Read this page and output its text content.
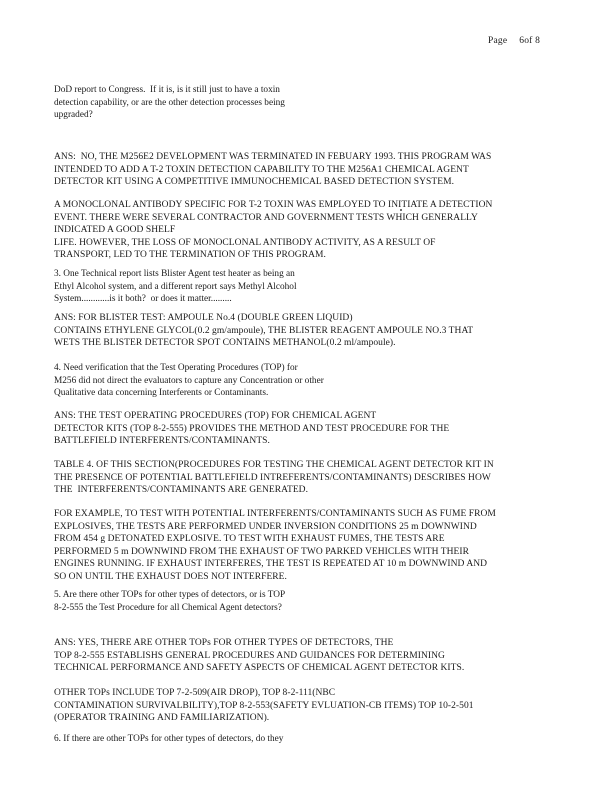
Page 6of 8
DoD report to Congress.  If it is, is it still just to have a toxin
detection capability, or are the other detection processes being
upgraded?
ANS:  NO, THE M256E2 DEVELOPMENT WAS TERMINATED IN FEBUARY 1993. THIS PROGRAM WAS
INTENDED TO ADD A T-2 TOXIN DETECTION CAPABILITY TO THE M256A1 CHEMICAL AGENT
DETECTOR KIT USING A COMPETITIVE IMMUNOCHEMICAL BASED DETECTION SYSTEM.
A MONOCLONAL ANTIBODY SPECIFIC FOR T-2 TOXIN WAS EMPLOYED TO INITIATE A DETECTION
EVENT. THERE WERE SEVERAL CONTRACTOR AND GOVERNMENT TESTS WHICH GENERALLY
INDICATED A GOOD SHELF
LIFE. HOWEVER, THE LOSS OF MONOCLONAL ANTIBODY ACTIVITY, AS A RESULT OF
TRANSPORT, LED TO THE TERMINATION OF THIS PROGRAM.
3. One Technical report lists Blister Agent test heater as being an
Ethyl Alcohol system, and a different report says Methyl Alcohol
System............is it both?  or does it matter.........
ANS: FOR BLISTER TEST: AMPOULE No.4 (DOUBLE GREEN LIQUID)
CONTAINS ETHYLENE GLYCOL(0.2 gm/ampoule), THE BLISTER REAGENT AMPOULE NO.3 THAT
WETS THE BLISTER DETECTOR SPOT CONTAINS METHANOL(0.2 ml/ampoule).
4. Need verification that the Test Operating Procedures (TOP) for
M256 did not direct the evaluators to capture any Concentration or other
Qualitative data concerning Interferents or Contaminants.
ANS: THE TEST OPERATING PROCEDURES (TOP) FOR CHEMICAL AGENT
DETECTOR KITS (TOP 8-2-555) PROVIDES THE METHOD AND TEST PROCEDURE FOR THE
BATTLEFIELD INTERFERENTS/CONTAMINANTS.
TABLE 4. OF THIS SECTION(PROCEDURES FOR TESTING THE CHEMICAL AGENT DETECTOR KIT IN
THE PRESENCE OF POTENTIAL BATTLEFIELD INTREFERENTS/CONTAMINANTS) DESCRIBES HOW
THE  INTERFERENTS/CONTAMINANTS ARE GENERATED.
FOR EXAMPLE, TO TEST WITH POTENTIAL INTERFERENTS/CONTAMINANTS SUCH AS FUME FROM
EXPLOSIVES, THE TESTS ARE PERFORMED UNDER INVERSION CONDITIONS 25 m DOWNWIND
FROM 454 g DETONATED EXPLOSIVE. TO TEST WITH EXHAUST FUMES, THE TESTS ARE
PERFORMED 5 m DOWNWIND FROM THE EXHAUST OF TWO PARKED VEHICLES WITH THEIR
ENGINES RUNNING. IF EXHAUST INTERFERES, THE TEST IS REPEATED AT 10 m DOWNWIND AND
SO ON UNTIL THE EXHAUST DOES NOT INTERFERE.
5. Are there other TOPs for other types of detectors, or is TOP
8-2-555 the Test Procedure for all Chemical Agent detectors?
ANS: YES, THERE ARE OTHER TOPs FOR OTHER TYPES OF DETECTORS, THE
TOP 8-2-555 ESTABLISHS GENERAL PROCEDURES AND GUIDANCES FOR DETERMINING
TECHNICAL PERFORMANCE AND SAFETY ASPECTS OF CHEMICAL AGENT DETECTOR KITS.
OTHER TOPs INCLUDE TOP 7-2-509(AIR DROP), TOP 8-2-111(NBC
CONTAMINATION SURVIVALBILITY),TOP 8-2-553(SAFETY EVLUATION-CB ITEMS) TOP 10-2-501
(OPERATOR TRAINING AND FAMILIARIZATION).
6. If there are other TOPs for other types of detectors, do they
